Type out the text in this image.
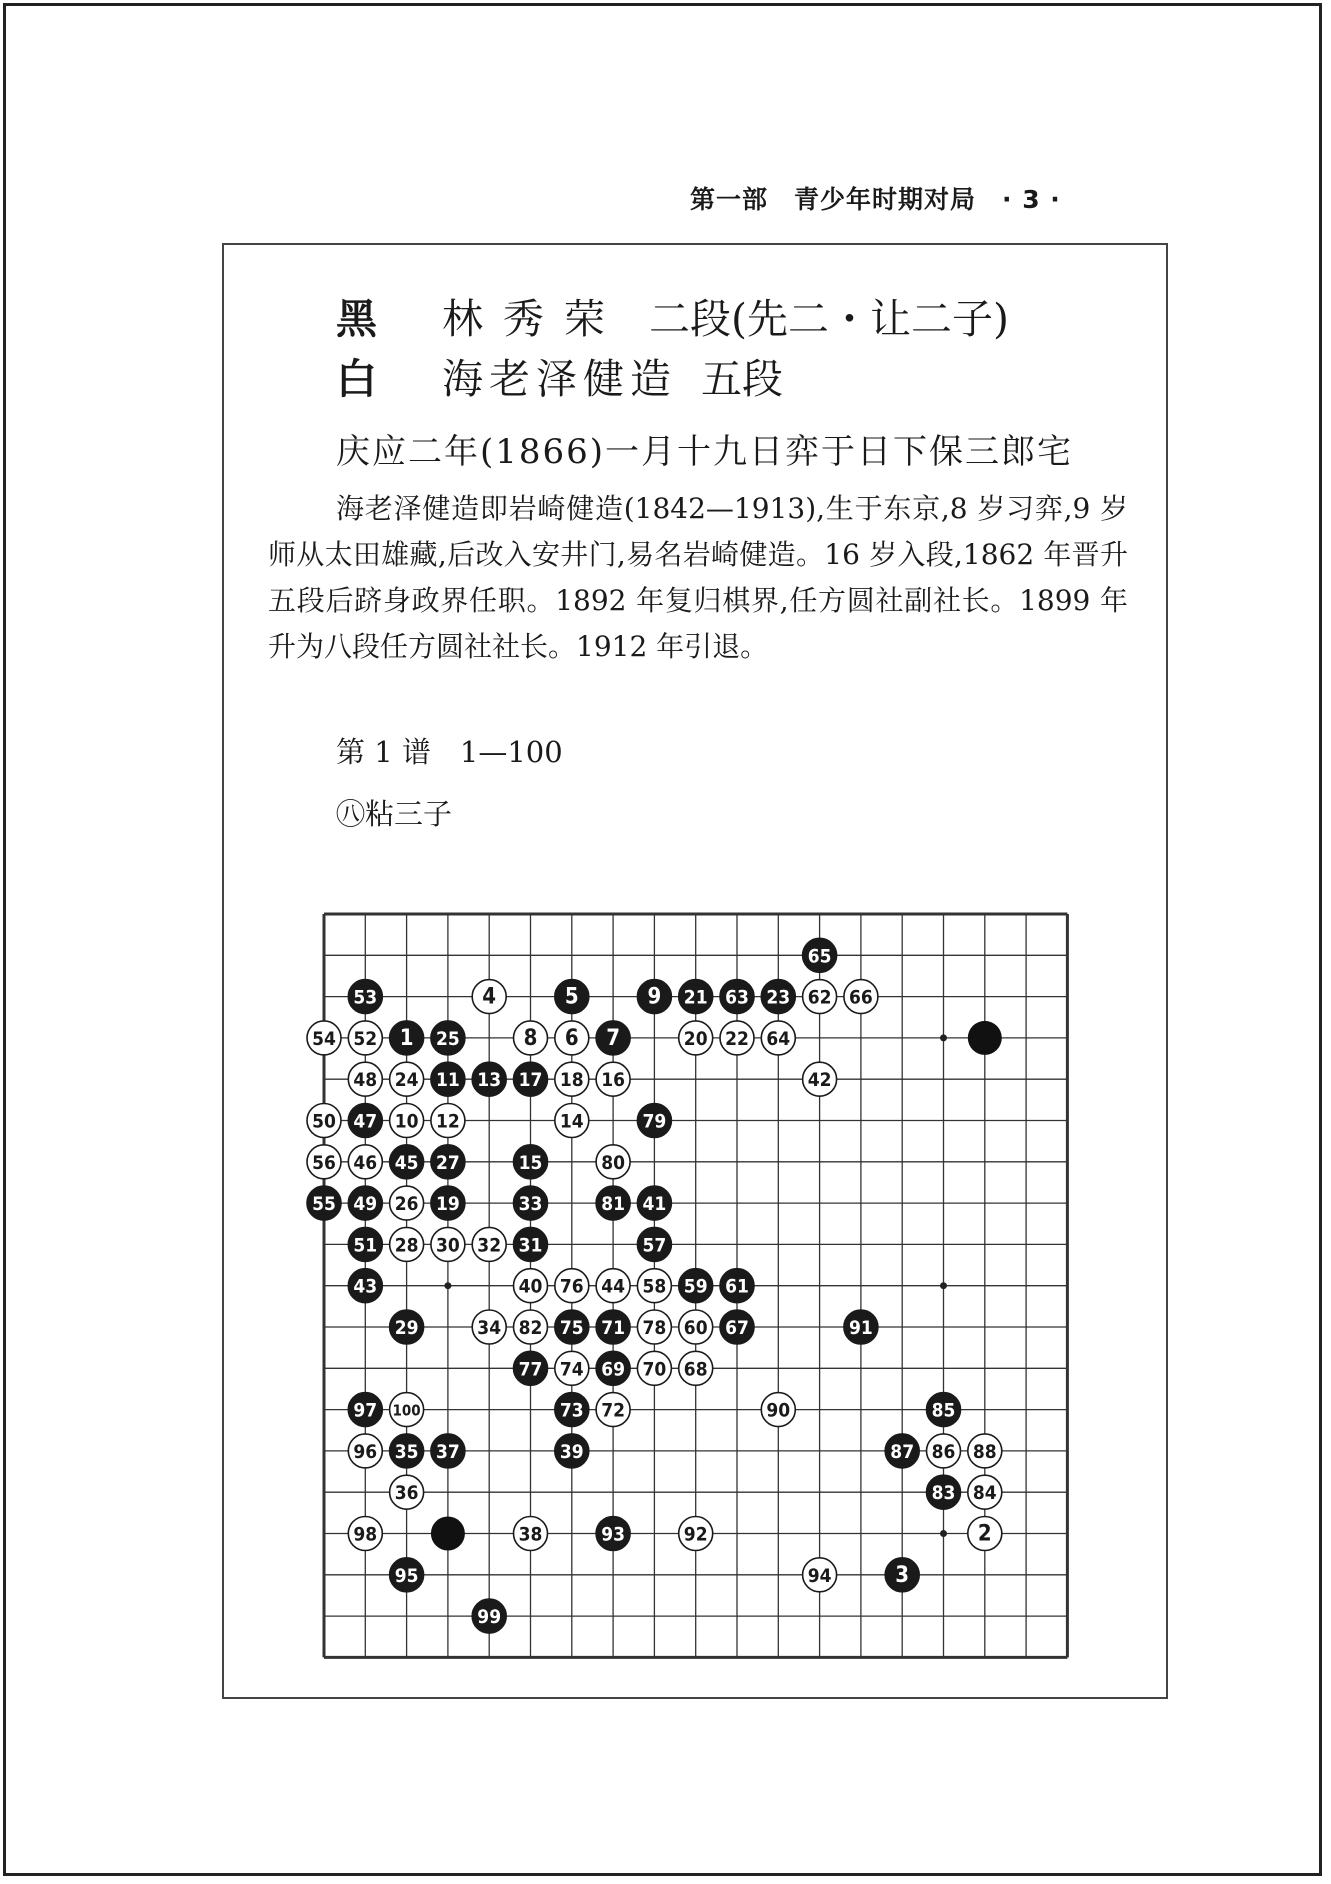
第一部　青少年时期对局　· 3 ·
黑 林秀荣 二段(先二・让二子)
白 海老泽健造 五段
庆应二年(1866)一月十九日弈于日下保三郎宅
海老泽健造即岩崎健造(1842—1913),生于东京,8 岁习弈,9 岁师从太田雄藏,后改入安井门,易名岩崎健造。16 岁入段,1862 年晋升五段后跻身政界任职。1892 年复归棋界,任方圆社副社长。1899 年升为八段任方圆社社长。1912 年引退。
第 1 谱　1—100
㊇粘三子
1
2
3
4	5
6 7
8
9
10
11
12
13
14
15
16
17 18
19
20
21
22
23
24
25
26
27
28
29
30	31
32
33
34
35
36
37
38
39
40
41
42
43	44
45
46
47
48
49
50
51
52
53
54
55
56
57
58 59
60
61
62
63
64
65
66
67
68
69 70
71
72
73
74
75
76
77
78
79
80
81
82
83 84
85
86
87	88
90
91
92
93
94
95
96
97
98
99
100
